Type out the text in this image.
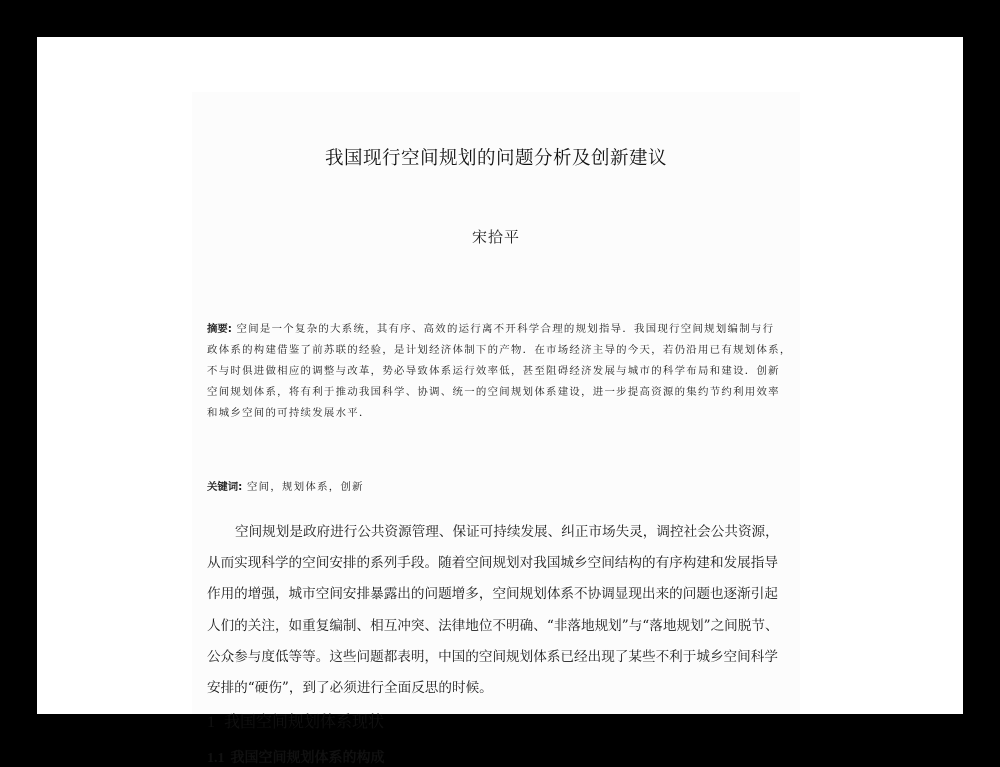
我国现行空间规划的问题分析及创新建议
宋拾平
摘要: 空间是一个复杂的大系统，其有序、高效的运行离不开科学合理的规划指导．我国现行空间规划编制与行
政体系的构建借鉴了前苏联的经验，是计划经济体制下的产物．在市场经济主导的今天，若仍沿用已有规划体系，
不与时俱进做相应的调整与改革，势必导致体系运行效率低，甚至阻碍经济发展与城市的科学布局和建设．创新
空间规划体系，将有利于推动我国科学、协调、统一的空间规划体系建设，进一步提高资源的集约节约利用效率
和城乡空间的可持续发展水平．
关键词: 空间，规划体系，创新
空间规划是政府进行公共资源管理、保证可持续发展、纠正市场失灵，调控社会公共资源，
从而实现科学的空间安排的系列手段。随着空间规划对我国城乡空间结构的有序构建和发展指导
作用的增强，城市空间安排暴露出的问题增多，空间规划体系不协调显现出来的问题也逐渐引起
人们的关注，如重复编制、相互冲突、法律地位不明确、“非落地规划”与“落地规划”之间脱节、
公众参与度低等等。这些问题都表明，中国的空间规划体系已经出现了某些不利于城乡空间科学
安排的“硬伤”，到了必须进行全面反思的时候。
1 我国空间规划体系现状
1.1 我国空间规划体系的构成
